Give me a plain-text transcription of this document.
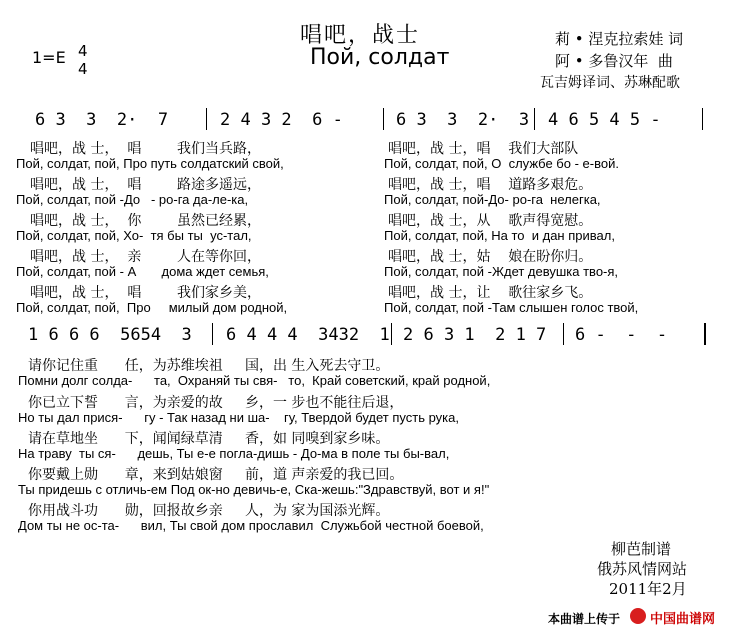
唱吧，战士
Пой, солдат
1=E 4
4
莉 • 涅克拉索娃 词
阿 • 多鲁汉年  曲
瓦吉姆译词、苏琳配歌
6 3  3  2·  7	2 4 3 2  6 -	6 3  3  2·  3 4 6 5 4 5 -
唱吧，战 士，  唱        我们当兵路，	唱吧，战 士，唱    我们大部队
Пой, солдат, пой, Про путь солдатский свой,	Пой, солдат, пой, О  службе бо - е-вой.
唱吧，战 士，  唱        路途多遥远，	唱吧，战 士，唱    道路多艰危。
Пой, солдат, пой -До   - ро-га да-ле-ка,	Пой, солдат, пой-До- ро-га  нелегка,
唱吧，战 士，  你        虽然已经累，	唱吧，战 士，从    歌声得宽慰。
Пой, солдат, пой, Хо-  тя бы ты  ус-тал,	Пой, солдат, пой, На то  и дан привал,
唱吧，战 士，  亲        人在等你回，	唱吧，战 士，姑    娘在盼你归。
Пой, солдат, пой - А       дома ждет семья,	Пой, солдат, пой -Ждет девушка тво-я,
唱吧，战 士，  唱        我们家乡美，	唱吧，战 士，让    歌往家乡飞。
Пой, солдат, пой,  Про     милый дом родной,	Пой, солдат, пой -Там слышен голос твой,
1 6 6 6  5654  3 6 4 4 4  3432  1 2 6 3 1  2 1 7 6 -  -  -
请你记住重      任，为苏维埃祖     国，出 生入死去守卫。
Помни долг солда-      та,  Охраняй ты свя-   то,  Край советский, край родной,
你已立下誓      言，为亲爱的故     乡，一 步也不能往后退，
Но ты дал прися-      гу - Так назад ни ша-    гу, Твердой будет пусть рука,
请在草地坐      下，闻闻绿草清     香，如 同嗅到家乡味。
На траву  ты ся-      дешь, Ты е-е погла-дишь - До-ма в поле ты бы-вал,
你要戴上勋      章，来到姑娘窗     前，道 声亲爱的我已回。
Ты придешь с отличь-ем Под ок-но девичь-е, Ска-жешь:"Здравствуй, вот и я!"
你用战斗功      勋，回报故乡亲     人，为 家为国添光辉。
Дом ты не ос-та-      вил, Ты свой дом прославил  Служьбой честной боевой,
柳芭制谱
俄苏风情网站
2011年2月
本曲谱上传于 中国曲谱网
